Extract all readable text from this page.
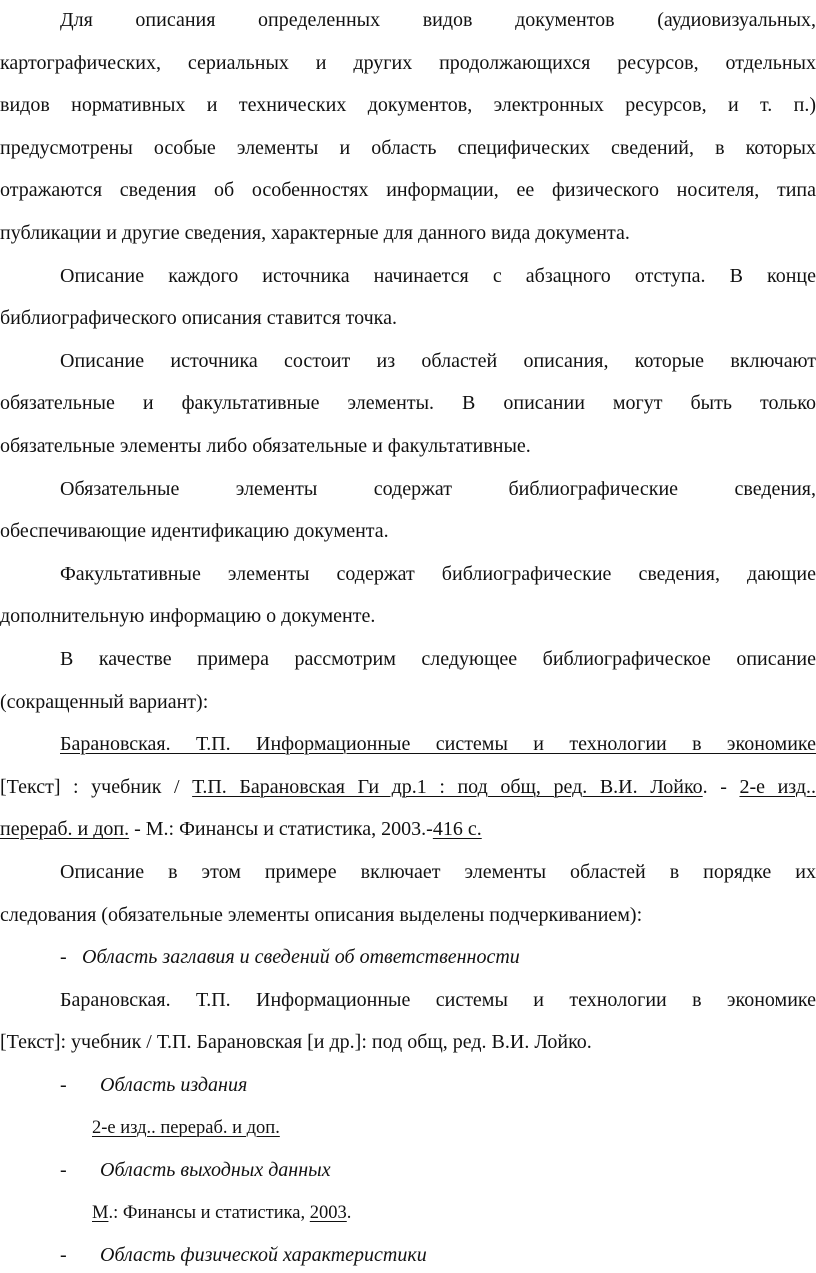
Для описания определенных видов документов (аудиовизуальных,
картографических, сериальных и других продолжающихся ресурсов, отдельных
видов нормативных и технических документов, электронных ресурсов, и т. п.)
предусмотрены особые элементы и область специфических сведений, в которых
отражаются сведения об особенностях информации, ее физического носителя, типа
публикации и другие сведения, характерные для данного вида документа.
Описание каждого источника начинается с абзацного отступа. В конце
библиографического описания ставится точка.
Описание источника состоит из областей описания, которые включают
обязательные и факультативные элементы. В описании могут быть только
обязательные элементы либо обязательные и факультативные.
Обязательные элементы содержат библиографические сведения,
обеспечивающие идентификацию документа.
Факультативные элементы содержат библиографические сведения, дающие
дополнительную информацию о документе.
В качестве примера рассмотрим следующее библиографическое описание
(сокращенный вариант):
Барановская. Т.П. Информационные системы и технологии в экономике
[Текст] : учебник / Т.П. Барановская Ги др.1 : под общ, ред. В.И. Лойко. - 2-е изд..
перераб. и доп. - М.: Финансы и статистика, 2003.-416 с.
Описание в этом примере включает элементы областей в порядке их
следования (обязательные элементы описания выделены подчеркиванием):
- Область заглавия и сведений об ответственности
Барановская. Т.П. Информационные системы и технологии в экономике
[Текст]: учебник / Т.П. Барановская [и др.]: под общ, ред. В.И. Лойко.
- Область издания
2-е изд.. перераб. и доп.
- Область выходных данных
М.: Финансы и статистика, 2003.
- Область физической характеристики
